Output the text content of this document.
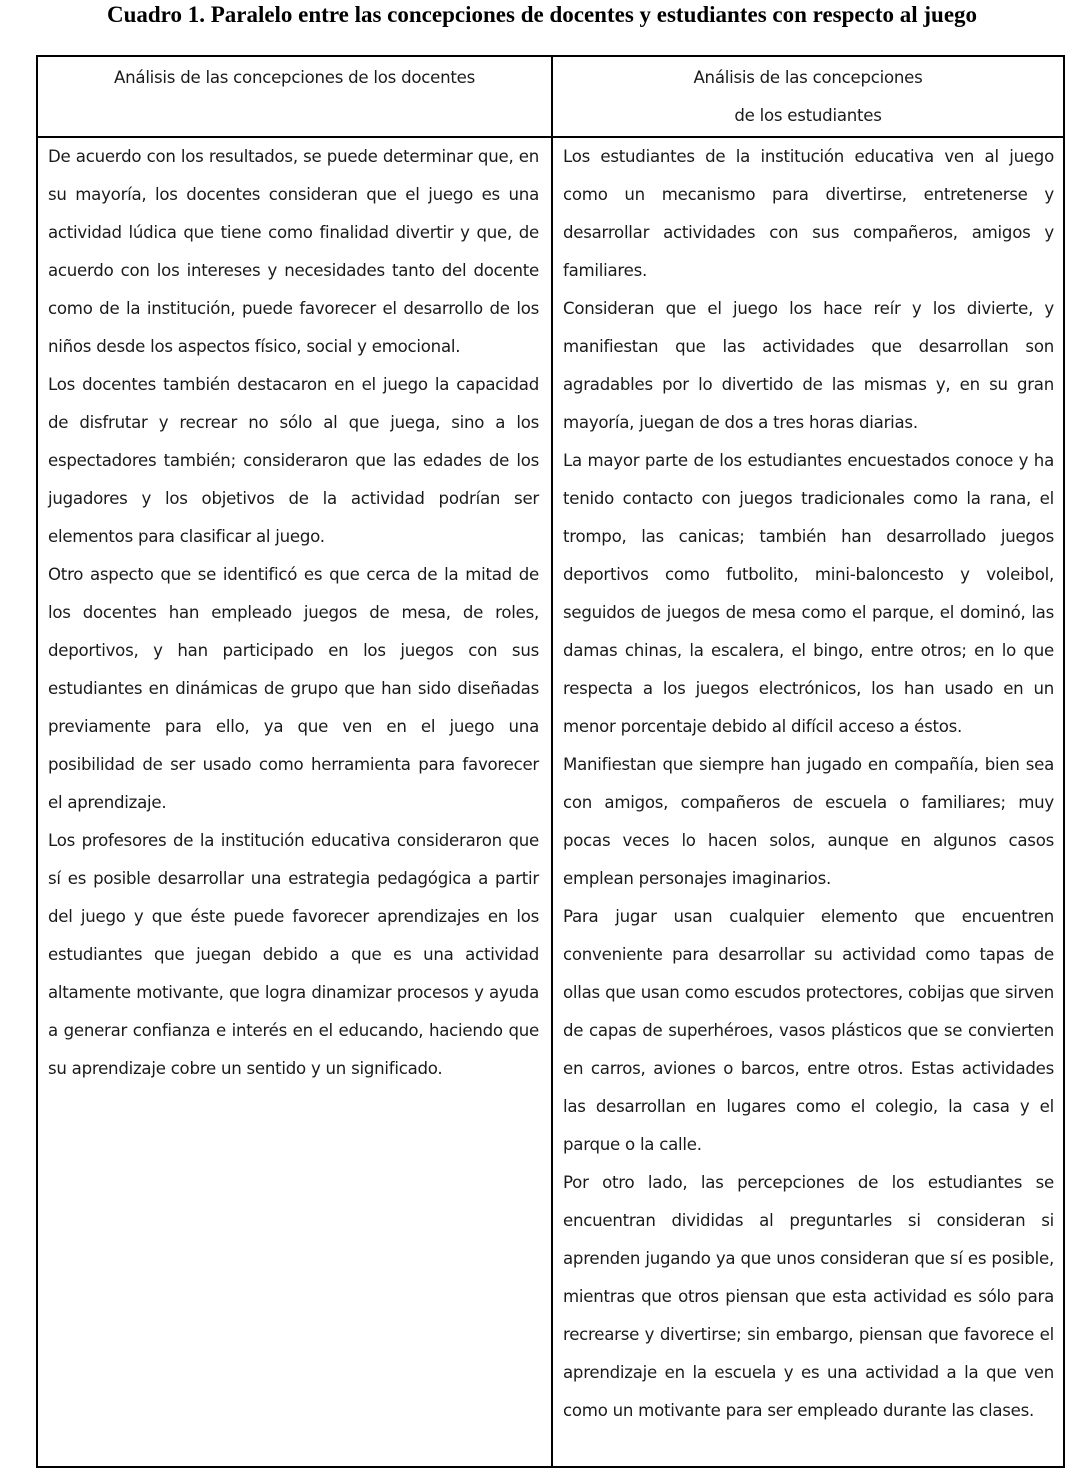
Cuadro 1. Paralelo entre las concepciones de docentes y estudiantes con respecto al juego
Análisis de las concepciones de los docentes	Análisis de las concepciones
de los estudiantes

De acuerdo con los resultados, se puede determinar que, en su mayoría, los docentes consideran que el juego es una actividad lúdica que tiene como finalidad divertir y que, de acuerdo con los intereses y necesidades tanto del docente como de la institución, puede favorecer el desarrollo de los niños desde los aspectos físico, social y emocional.

Los docentes también destacaron en el juego la capacidad de disfrutar y recrear no sólo al que juega, sino a los espectadores también; consideraron que las edades de los jugadores y los objetivos de la actividad podrían ser elementos para clasificar al juego.

Otro aspecto que se identificó es que cerca de la mitad de los docentes han empleado juegos de mesa, de roles, deportivos, y han participado en los juegos con sus estudiantes en dinámicas de grupo que han sido diseñadas previamente para ello, ya que ven en el juego una posibilidad de ser usado como herramienta para favorecer el aprendizaje.

Los profesores de la institución educativa consideraron que sí es posible desarrollar una estrategia pedagógica a partir del juego y que éste puede favorecer aprendizajes en los estudiantes que juegan debido a que es una actividad altamente motivante, que logra dinamizar procesos y ayuda a generar confianza e interés en el educando, haciendo que su aprendizaje cobre un sentido y un significado.

Los estudiantes de la institución educativa ven al juego como un mecanismo para divertirse, entretenerse y desarrollar actividades con sus compañeros, amigos y familiares.

Consideran que el juego los hace reír y los divierte, y manifiestan que las actividades que desarrollan son agradables por lo divertido de las mismas y, en su gran mayoría, juegan de dos a tres horas diarias.

La mayor parte de los estudiantes encuestados conoce y ha tenido contacto con juegos tradicionales como la rana, el trompo, las canicas; también han desarrollado juegos deportivos como futbolito, mini-baloncesto y voleibol, seguidos de juegos de mesa como el parque, el dominó, las damas chinas, la escalera, el bingo, entre otros; en lo que respecta a los juegos electrónicos, los han usado en un menor porcentaje debido al difícil acceso a éstos.

Manifiestan que siempre han jugado en compañía, bien sea con amigos, compañeros de escuela o familiares; muy pocas veces lo hacen solos, aunque en algunos casos emplean personajes imaginarios.

Para jugar usan cualquier elemento que encuentren conveniente para desarrollar su actividad como tapas de ollas que usan como escudos protectores, cobijas que sirven de capas de superhéroes, vasos plásticos que se convierten en carros, aviones o barcos, entre otros. Estas actividades las desarrollan en lugares como el colegio, la casa y el parque o la calle.

Por otro lado, las percepciones de los estudiantes se encuentran divididas al preguntarles si consideran si aprenden jugando ya que unos consideran que sí es posible, mientras que otros piensan que esta actividad es sólo para recrearse y divertirse; sin embargo, piensan que favorece el aprendizaje en la escuela y es una actividad a la que ven como un motivante para ser empleado durante las clases.
